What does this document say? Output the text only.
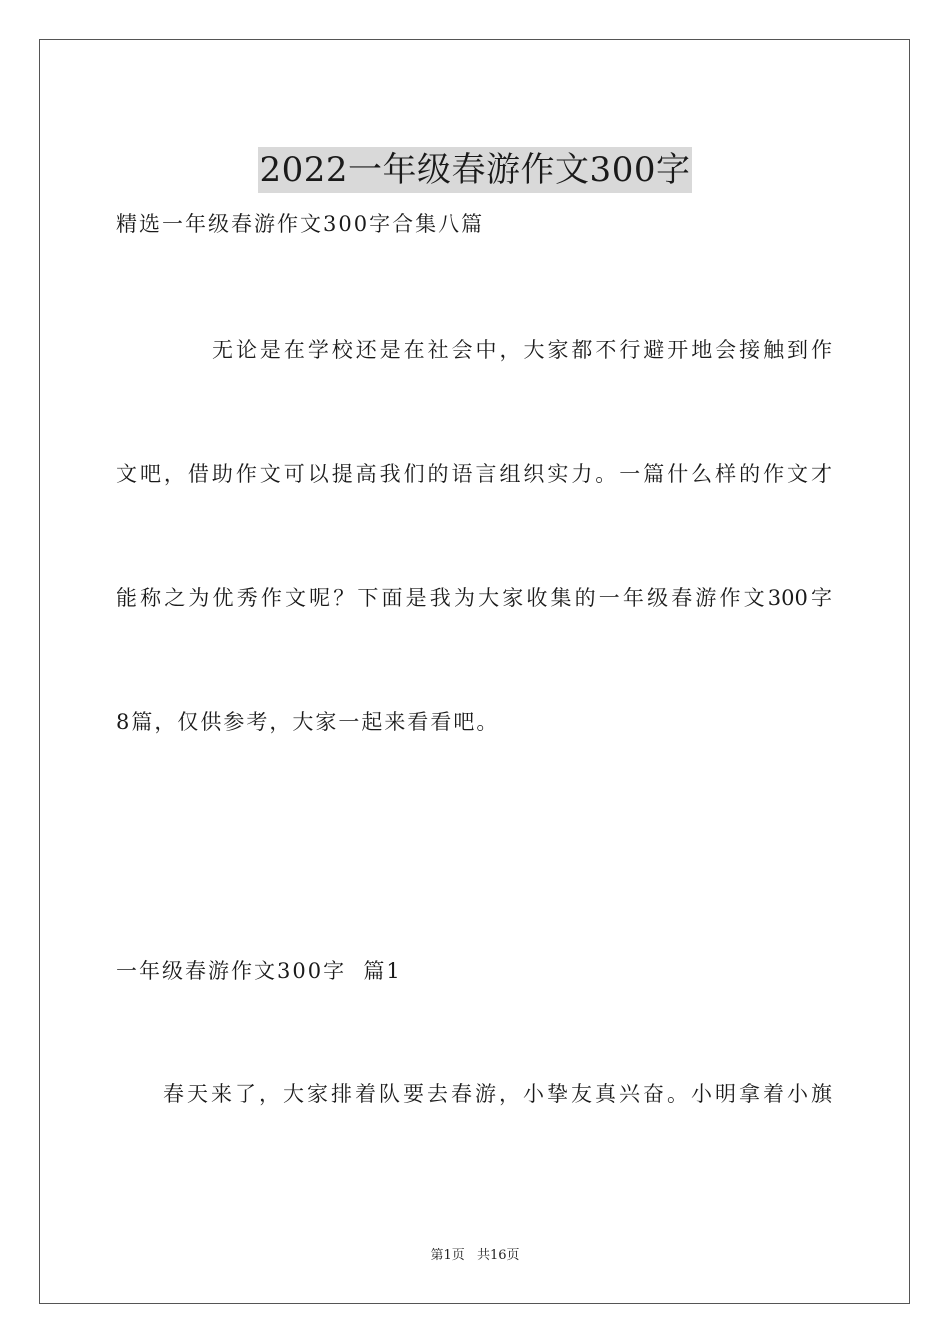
2022一年级春游作文300字
精选一年级春游作文300字合集八篇
无论是在学校还是在社会中，大家都不行避开地会接触到作
文吧，借助作文可以提高我们的语言组织实力。一篇什么样的作文才
能称之为优秀作文呢？下面是我为大家收集的一年级春游作文300字
8篇，仅供参考，大家一起来看看吧。
一年级春游作文300字  篇1
春天来了，大家排着队要去春游，小挚友真兴奋。小明拿着小旗
第1页 共16页
